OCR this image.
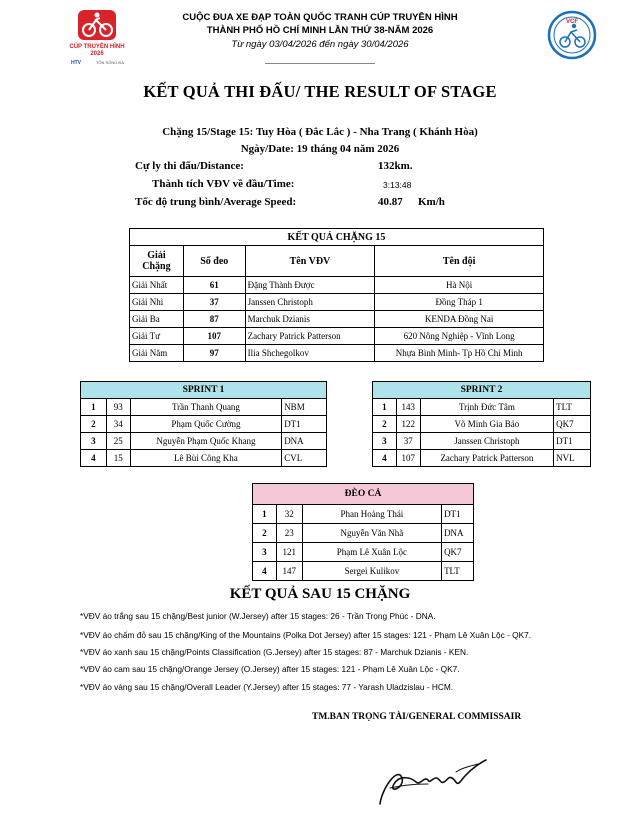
CÚP TRUYỀN HÌNH
2026
HTV	TÔN SÔNG ĐÀ
VCF
CUỘC ĐUA XE ĐẠP TOÀN QUỐC TRANH CÚP TRUYỀN HÌNH
THÀNH PHỐ HỒ CHÍ MINH LẦN THỨ 38-NĂM 2026
Từ ngày 03/04/2026 đến ngày 30/04/2026
KẾT QUẢ THI ĐẤU/ THE RESULT OF STAGE
Chặng 15/Stage 15: Tuy Hòa ( Đắc Lắc ) - Nha Trang ( Khánh Hòa)
Ngày/Date: 19 tháng 04 năm 2026
Cự ly thi đấu/Distance:	132km.
Thành tích VĐV về đầu/Time:	3:13:48
Tốc độ trung bình/Average Speed:	40.87 Km/h
KẾT QUẢ CHẶNG 15			
Giải Chặng	Số đeo	Tên VĐV	Tên đội
Giải Nhất	61	Đặng Thành Được	Hà Nội
Giải Nhì	37	Janssen Christoph	Đồng Tháp 1
Giải Ba	87	Marchuk Dzianis	KENDA Đồng Nai
Giải Tư	107	Zachary Patrick Patterson	620 Nông Nghiệp - Vĩnh Long
Giải Năm	97	Ilia Shchegolkov	Nhựa Bình Minh- Tp Hồ Chí Minh
SPRINT 1			
1	93	Trần Thanh Quang	NBM
2	34	Phạm Quốc Cường	DT1
3	25	Nguyễn Phạm Quốc Khang	DNA
4	15	Lê Bùi Công Kha	CVL
SPRINT 2			
1	143	Trịnh Đức Tâm	TLT
2	122	Võ Minh Gia Bảo	QK7
3	37	Janssen Christoph	DT1
4	107	Zachary Patrick Patterson	NVL
ĐÈO CẢ			
1	32	Phan Hoàng Thái	DT1
2	23	Nguyễn Văn Nhã	DNA
3	121	Phạm Lê Xuân Lộc	QK7
4	147	Sergei Kulikov	TLT
KẾT QUẢ SAU 15 CHẶNG
*VĐV áo trắng sau 15 chặng/Best junior (W.Jersey) after 15 stages: 26 - Trần Trọng Phúc - DNA.
*VĐV áo chấm đỏ sau 15 chặng/King of the Mountains (Polka Dot Jersey) after 15 stages: 121 - Phạm Lê Xuân Lộc - QK7.
*VĐV áo xanh sau 15 chặng/Points Classification (G.Jersey) after 15 stages: 87 - Marchuk Dzianis - KEN.
*VĐV áo cam sau 15 chặng/Orange Jersey (O.Jersey) after 15 stages: 121 - Phạm Lê Xuân Lộc - QK7.
*VĐV áo vàng sau 15 chặng/Overall Leader (Y.Jersey) after 15 stages: 77 - Yarash Uladzislau - HCM.
TM.BAN TRỌNG TÀI/GENERAL COMMISSAIR
